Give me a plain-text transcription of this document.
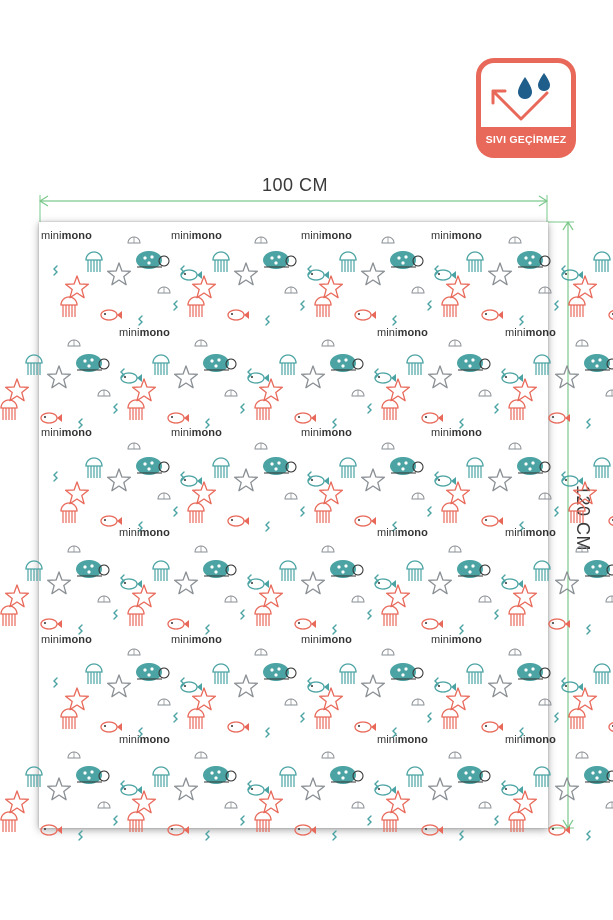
SIVI GEÇİRMEZ
100 CM
120 CM
minimono	minimono	minimono	minimono
minimono	minimono	minimono
minimono	minimono	minimono	minimono
minimono	minimono	minimono
minimono	minimono	minimono	minimono
minimono	minimono	minimono
